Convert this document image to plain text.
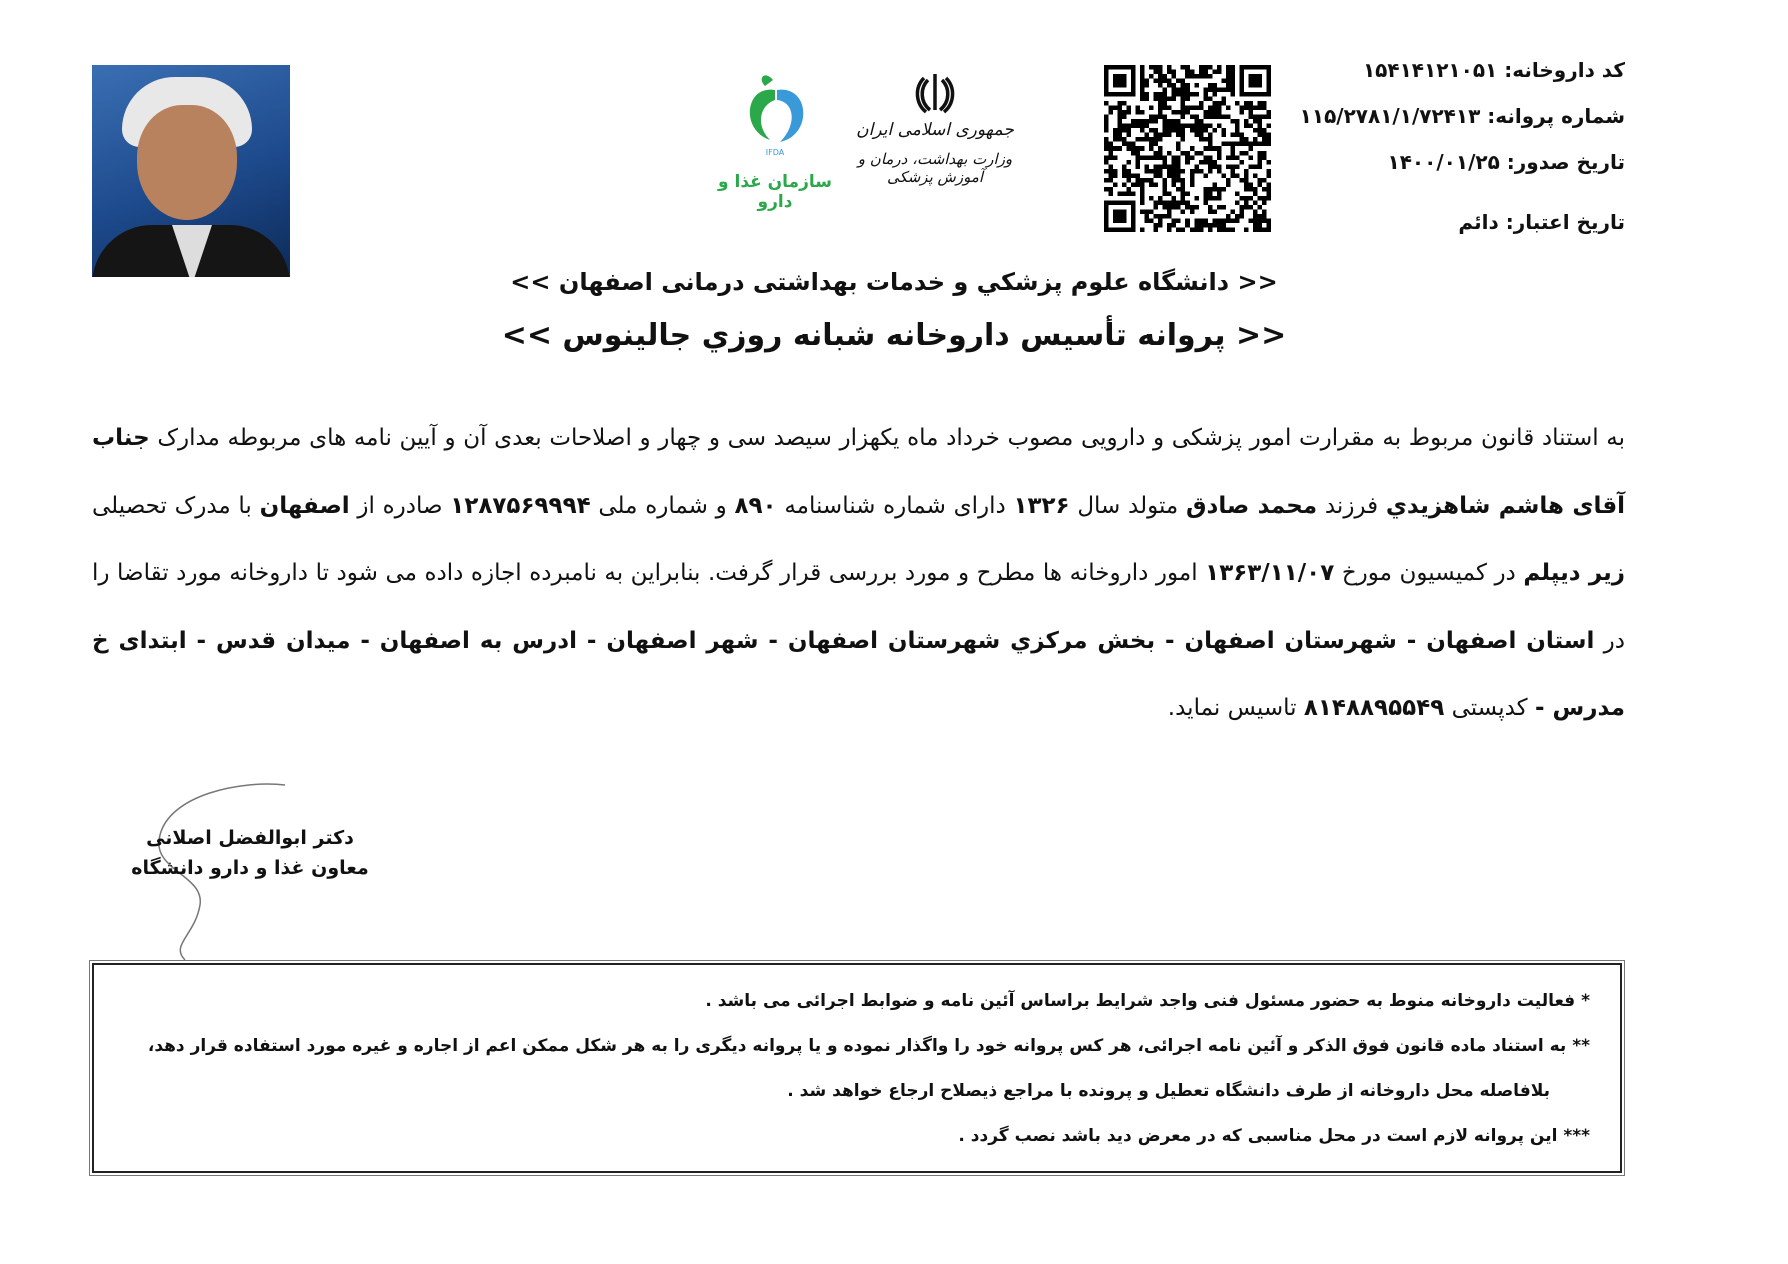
IFDA
سازمان غذا و دارو
جمهوری اسلامی ایران
وزارت بهداشت، درمان و آموزش پزشکی
کد داروخانه: ۱۵۴۱۴۱۲۱۰۵۱
شماره پروانه: ۱۱۵/۲۷۸۱/۱/۷۲۴۱۳
تاریخ صدور: ۱۴۰۰/۰۱/۲۵
تاریخ اعتبار: دائم
<< دانشگاه علوم پزشكي و خدمات بهداشتی درمانی اصفهان >>
<< پروانه تأسیس داروخانه شبانه روزي جالینوس >>
به استناد قانون مربوط به مقرارت امور پزشکی و دارویی مصوب خرداد ماه یکهزار سیصد سی و چهار و اصلاحات بعدی آن و آیین نامه های مربوطه مدارک جناب آقای هاشم شاهزيدي فرزند محمد صادق متولد سال ۱۳۲۶ دارای شماره شناسنامه ۸۹۰ و شماره ملی ۱۲۸۷۵۶۹۹۹۴ صادره از اصفهان با مدرک تحصیلی زیر دیپلم در کمیسیون مورخ ۱۳۶۳/۱۱/۰۷ امور داروخانه ها مطرح و مورد بررسی قرار گرفت. بنابراین به نامبرده اجازه داده می شود تا داروخانه مورد تقاضا را در استان اصفهان - شهرستان اصفهان - بخش مرکزي شهرستان اصفهان - شهر اصفهان - ادرس به اصفهان - میدان قدس - ابتدای خ مدرس - کدپستی ۸۱۴۸۸۹۵۵۴۹ تاسیس نماید.
دکتر ابوالفضل اصلانی
معاون غذا و دارو دانشگاه

* فعالیت داروخانه منوط به حضور مسئول فنی واجد شرایط براساس آئین نامه و ضوابط اجرائی می باشد .

** به استناد ماده قانون فوق الذکر و آئین نامه اجرائی، هر کس پروانه خود را واگذار نموده و یا پروانه دیگری را به هر شکل ممکن اعم از اجاره و غیره مورد استفاده قرار دهد،

بلافاصله محل داروخانه از طرف دانشگاه تعطیل و پرونده با مراجع ذیصلاح ارجاع خواهد شد .

*** این پروانه لازم است در محل مناسبی که در معرض دید باشد نصب گردد .
